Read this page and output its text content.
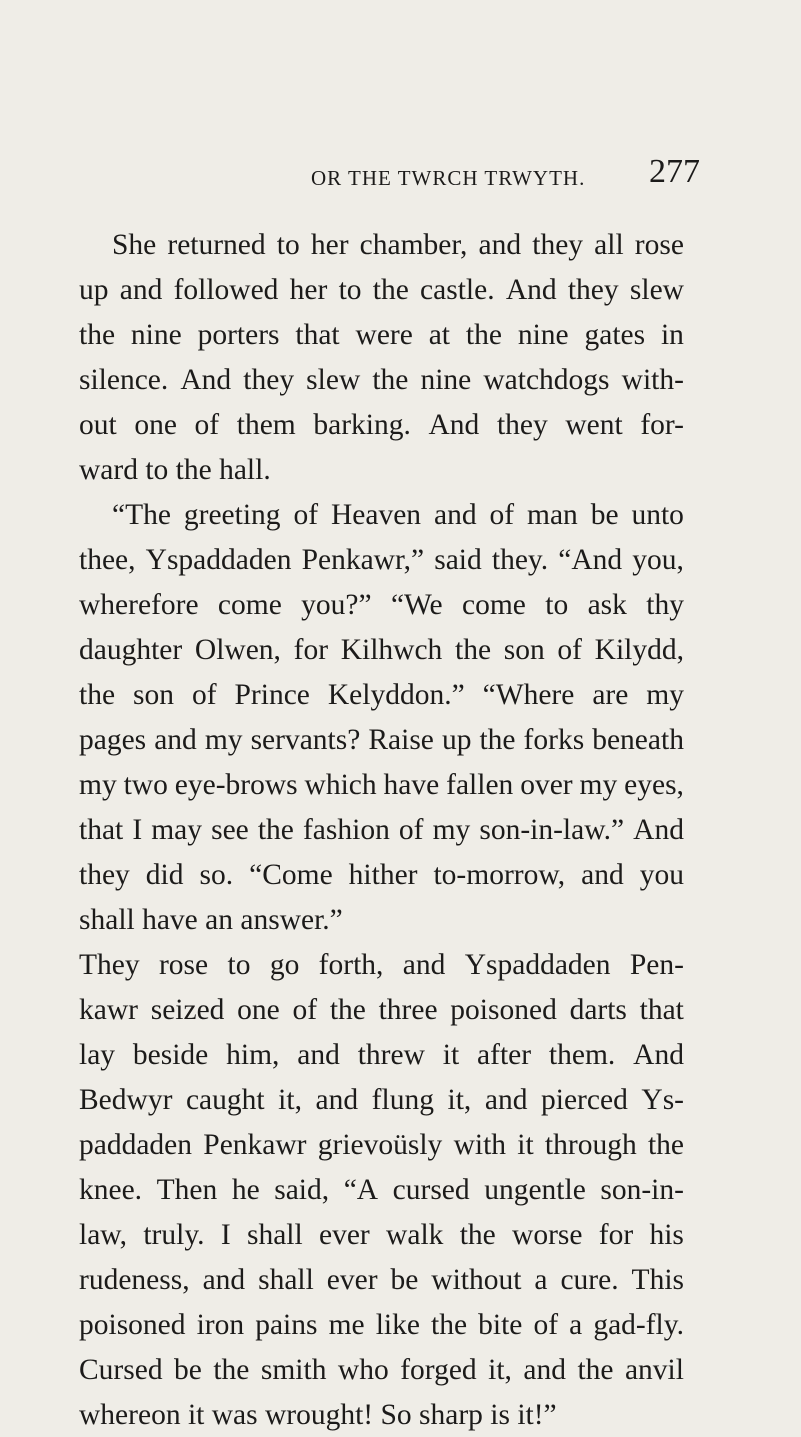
OR THE TWRCH TRWYTH. 277
She returned to her chamber, and they all rose
up and followed her to the castle. And they slew
the nine porters that were at the nine gates in
silence. And they slew the nine watchdogs with-
out one of them barking. And they went for-
ward to the hall.
“The greeting of Heaven and of man be unto
thee, Yspaddaden Penkawr,” said they. “And you,
wherefore come you?” “We come to ask thy
daughter Olwen, for Kilhwch the son of Kilydd,
the son of Prince Kelyddon.” “Where are my
pages and my servants? Raise up the forks beneath
my two eye-brows which have fallen over my eyes,
that I may see the fashion of my son-in-law.” And
they did so. “Come hither to-morrow, and you
shall have an answer.”
They rose to go forth, and Yspaddaden Pen-
kawr seized one of the three poisoned darts that
lay beside him, and threw it after them. And
Bedwyr caught it, and flung it, and pierced Ys-
paddaden Penkawr grievoüsly with it through the
knee. Then he said, “A cursed ungentle son-in-
law, truly. I shall ever walk the worse for his
rudeness, and shall ever be without a cure. This
poisoned iron pains me like the bite of a gad-fly.
Cursed be the smith who forged it, and the anvil
whereon it was wrought! So sharp is it!”
